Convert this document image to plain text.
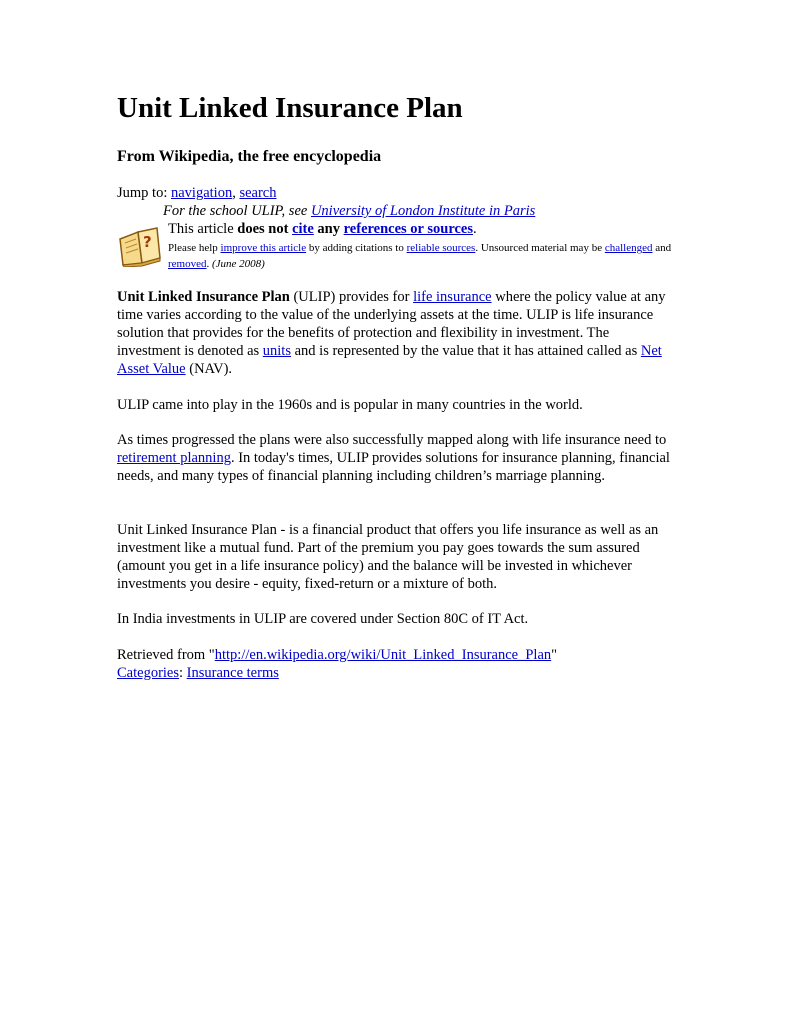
Unit Linked Insurance Plan

From Wikipedia, the free encyclopedia

Jump to: navigation, search
For the school ULIP, see University of London Institute in Paris
?
This article does not cite any references or sources.
Please help improve this article by adding citations to reliable sources. Unsourced material may be challenged and removed. (June 2008)

Unit Linked Insurance Plan (ULIP) provides for life insurance where the policy value at any time varies according to the value of the underlying assets at the time. ULIP is life insurance solution that provides for the benefits of protection and flexibility in investment. The investment is denoted as units and is represented by the value that it has attained called as Net Asset Value (NAV).

ULIP came into play in the 1960s and is popular in many countries in the world.

As times progressed the plans were also successfully mapped along with life insurance need to retirement planning. In today's times, ULIP provides solutions for insurance planning, financial needs, and many types of financial planning including children’s marriage planning.

Unit Linked Insurance Plan - is a financial product that offers you life insurance as well as an investment like a mutual fund. Part of the premium you pay goes towards the sum assured (amount you get in a life insurance policy) and the balance will be invested in whichever investments you desire - equity, fixed-return or a mixture of both.

In India investments in ULIP are covered under Section 80C of IT Act.

Retrieved from "http://en.wikipedia.org/wiki/Unit_Linked_Insurance_Plan"

Categories: Insurance terms
